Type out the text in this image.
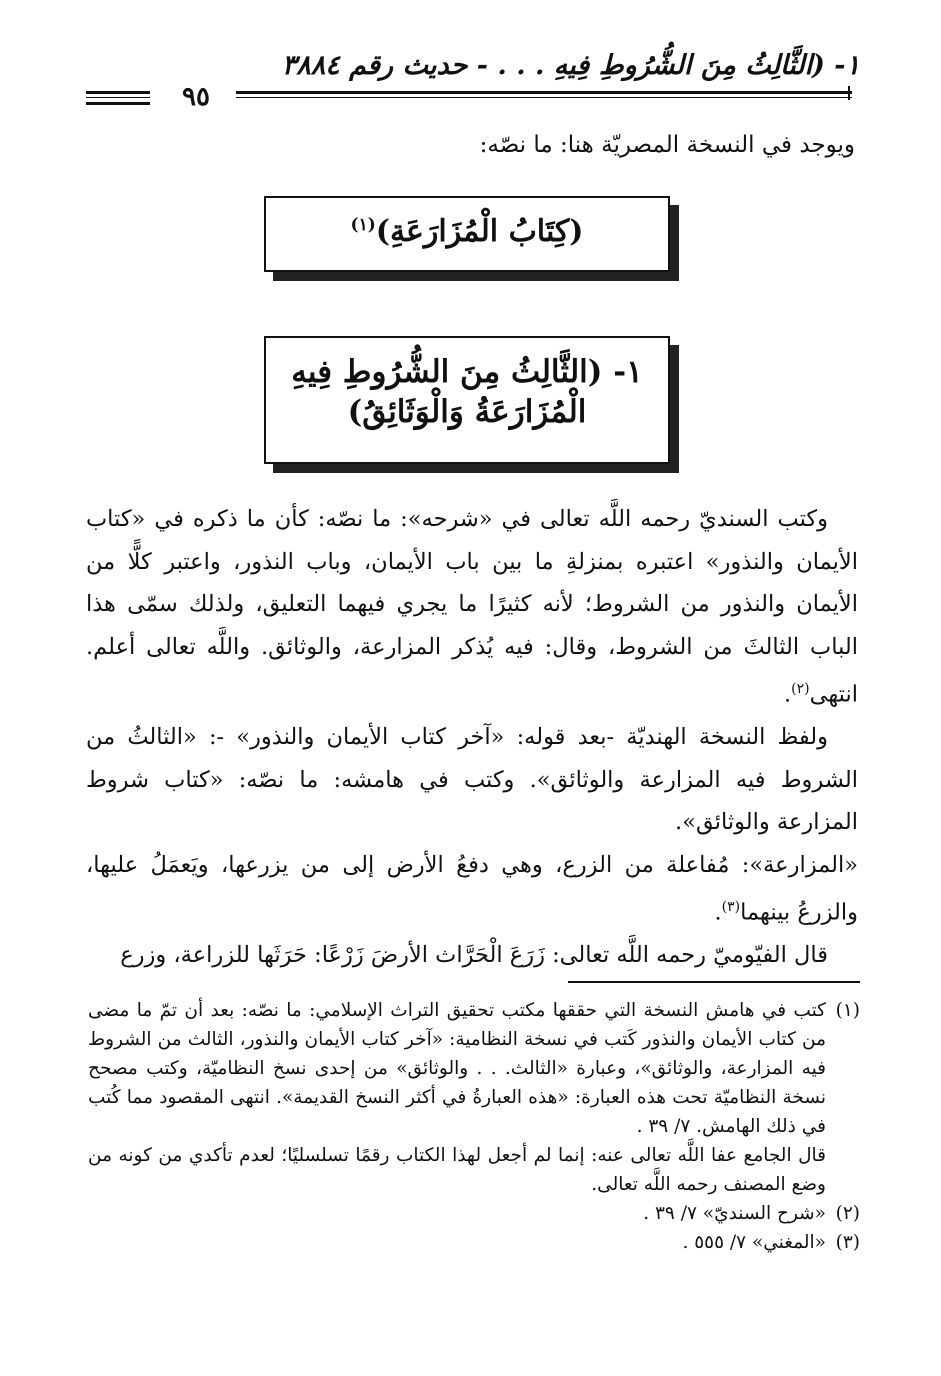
١- (الثَّالِثُ مِنَ الشُّرُوطِ فِيهِ . . . - حديث رقم ٣٨٨٤
٩٥
ويوجد في النسخة المصريّة هنا: ما نصّه:
(كِتَابُ الْمُزَارَعَةِ)$^{(١)}$
١- (الثَّالِثُ مِنَ الشُّرُوطِ فِيهِ
الْمُزَارَعَةُ وَالْوَثَائِقُ)

وكتب السنديّ رحمه اللَّه تعالى في «شرحه»: ما نصّه: كأن ما ذكره في «كتاب الأيمان والنذور» اعتبره بمنزلةِ ما بين باب الأيمان، وباب النذور، واعتبر كلًّا من الأيمان والنذور من الشروط؛ لأنه كثيرًا ما يجري فيهما التعليق، ولذلك سمّى هذا الباب الثالثَ من الشروط، وقال: فيه يُذكر المزارعة، والوثائق. واللَّه تعالى أعلم. انتهى$^{(٢)}$.

ولفظ النسخة الهنديّة -بعد قوله: «آخر كتاب الأيمان والنذور» -: «الثالثُ من الشروط فيه المزارعة والوثائق». وكتب في هامشه: ما نصّه: «كتاب شروط المزارعة والوثائق».

«المزارعة»: مُفاعلة من الزرع، وهي دفعُ الأرض إلى من يزرعها، ويَعمَلُ عليها، والزرعُ بينهما$^{(٣)}$.

قال الفيّوميّ رحمه اللَّه تعالى: زَرَعَ الْحَرَّاث الأرضَ زَرْعًا: حَرَثَها للزراعة، وزرع

(١)كتب في هامش النسخة التي حققها مكتب تحقيق التراث الإسلامي: ما نصّه: بعد أن تمّ ما مضى من كتاب الأيمان والنذور كَتب في نسخة النظامية: «آخر كتاب الأيمان والنذور، الثالث من الشروط فيه المزارعة، والوثائق»، وعبارة «الثالث. . . والوثائق» من إحدى نسخ النظاميّة، وكتب مصحح نسخة النظاميّة تحت هذه العبارة: «هذه العبارةُ في أكثر النسخ القديمة». انتهى المقصود مما كُتب في ذلك الهامش. ٧/ ٣٩ .

قال الجامع عفا اللَّه تعالى عنه: إنما لم أجعل لهذا الكتاب رقمًا تسلسليًا؛ لعدم تأكدي من كونه من وضع المصنف رحمه اللَّه تعالى.

(٢)«شرح السنديّ» ٧/ ٣٩ .

(٣)«المغني» ٧/ ٥٥٥ .
